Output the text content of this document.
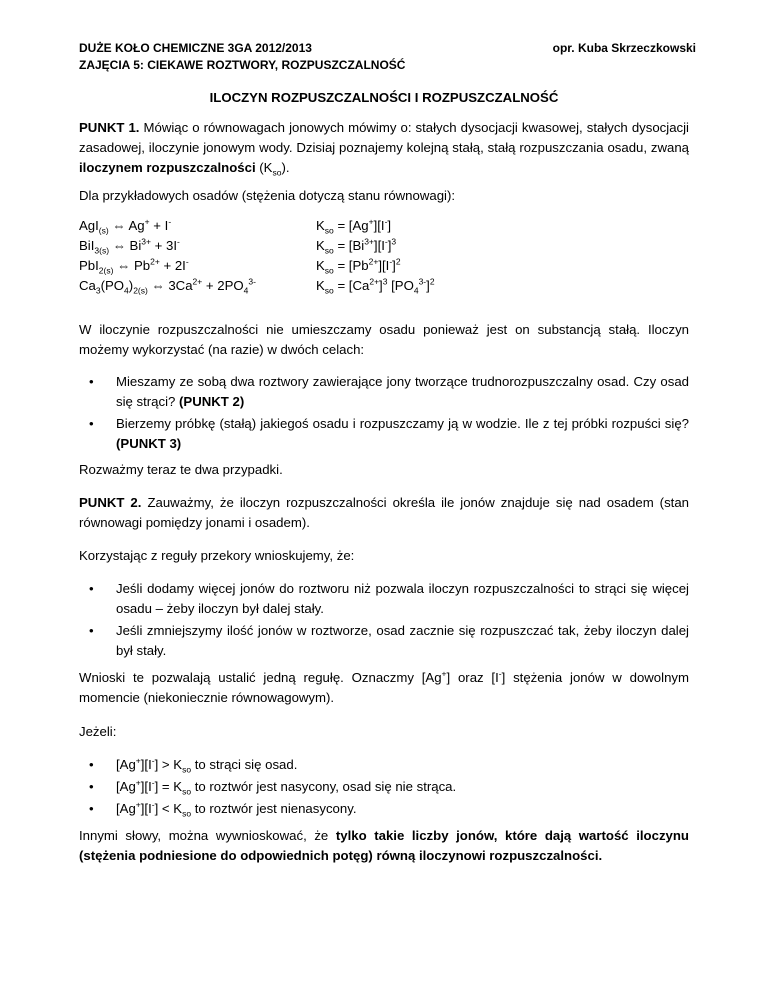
DUŻE KOŁO CHEMICZNE 3GA 2012/2013
ZAJĘCIA 5: CIEKAWE ROZTWORY, ROZPUSZCZALNOŚĆ
opr. Kuba Skrzeczkowski
ILOCZYN ROZPUSZCZALNOŚCI I ROZPUSZCZALNOŚĆ

PUNKT 1. Mówiąc o równowagach jonowych mówimy o: stałych dysocjacji kwasowej, stałych dysocjacji zasadowej, iloczynie jonowym wody. Dzisiaj poznajemy kolejną stałą, stałą rozpuszczania osadu, zwaną iloczynem rozpuszczalności $(K_{so})$.

Dla przykładowych osadów (stężenia dotyczą stanu równowagi):
AgI$_{(s)}$ ⇔ Ag+ + I-
BiI$_{3(s)}$ ⇔ $Bi^{3+} + 3I^-$
PbI$_{2(s)}$ ⇔ $Pb^{2+} + 2I^-$
$Ca_3(PO_4)_{2(s)}$ ⇔ $3Ca^{2+} + 2PO_4^{3-}$
$K_{so} = [Ag^+][I^-]$
$K_{so} = [Bi^{3+}][I^-]^3$
$K_{so} = [Pb^{2+}][I^-]^2$
$K_{so} = [Ca^{2+}]^3$ $[PO_4^{3-}]^2$
W iloczynie rozpuszczalności nie umieszczamy osadu ponieważ jest on substancją stałą. Iloczyn możemy wykorzystać (na razie) w dwóch celach:
• Mieszamy ze sobą dwa roztwory zawierające jony tworzące trudnorozpuszczalny osad. Czy osad się strąci? (PUNKT 2)
• Bierzemy próbkę (stałą) jakiegoś osadu i rozpuszczamy ją w wodzie. Ile z tej próbki rozpuści się? (PUNKT 3)
Rozważmy teraz te dwa przypadki.

PUNKT 2. Zauważmy, że iloczyn rozpuszczalności określa ile jonów znajduje się nad osadem (stan równowagi pomiędzy jonami i osadem).

Korzystając z reguły przekory wnioskujemy, że:
• Jeśli dodamy więcej jonów do roztworu niż pozwala iloczyn rozpuszczalności to strąci się więcej osadu – żeby iloczyn był dalej stały.
• Jeśli zmniejszymy ilość jonów w roztworze, osad zacznie się rozpuszczać tak, żeby iloczyn dalej był stały.

Wnioski te pozwalają ustalić jedną regułę. Oznaczmy [Ag+] oraz [I-] stężenia jonów w dowolnym momencie (niekoniecznie równowagowym).

Jeżeli:
• $[Ag^+][I^-] > K_{so}$ to strąci się osad.
• $[Ag^+][I^-] = K_{so}$ to roztwór jest nasycony, osad się nie strąca.
• $[Ag^+][I^-] < K_{so}$ to roztwór jest nienasycony.

Innymi słowy, można wywnioskować, że tylko takie liczby jonów, które dają wartość iloczynu (stężenia podniesione do odpowiednich potęg) równą iloczynowi rozpuszczalności.
